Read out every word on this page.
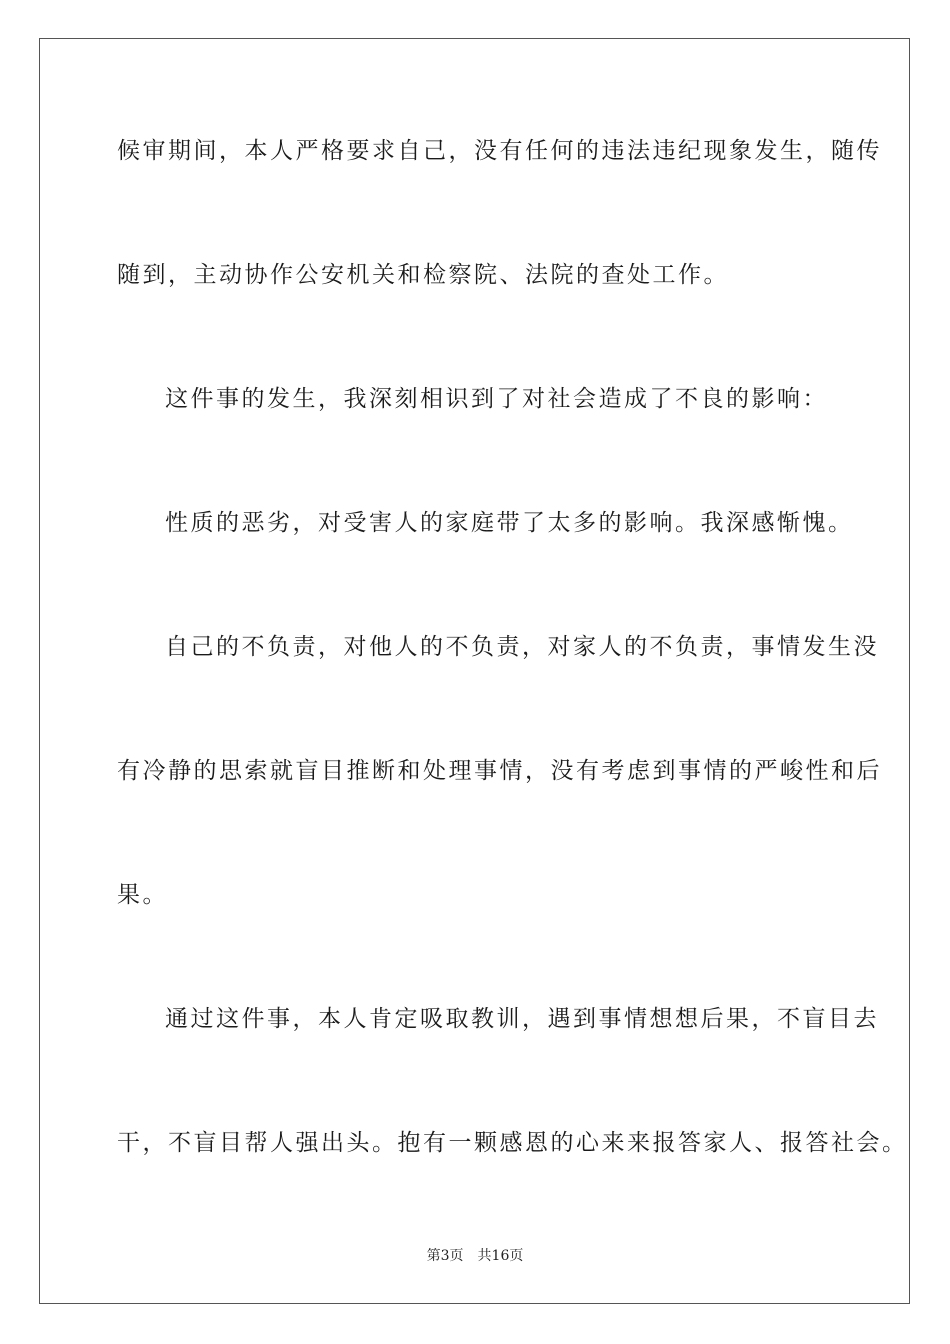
候审期间，本人严格要求自己，没有任何的违法违纪现象发生，随传
随到，主动协作公安机关和检察院、法院的查处工作。
这件事的发生，我深刻相识到了对社会造成了不良的影响：
性质的恶劣，对受害人的家庭带了太多的影响。我深感惭愧。
自己的不负责，对他人的不负责，对家人的不负责，事情发生没
有冷静的思索就盲目推断和处理事情，没有考虑到事情的严峻性和后
果。
通过这件事，本人肯定吸取教训，遇到事情想想后果，不盲目去
干，不盲目帮人强出头。抱有一颗感恩的心来来报答家人、报答社会。
第3页 共16页
